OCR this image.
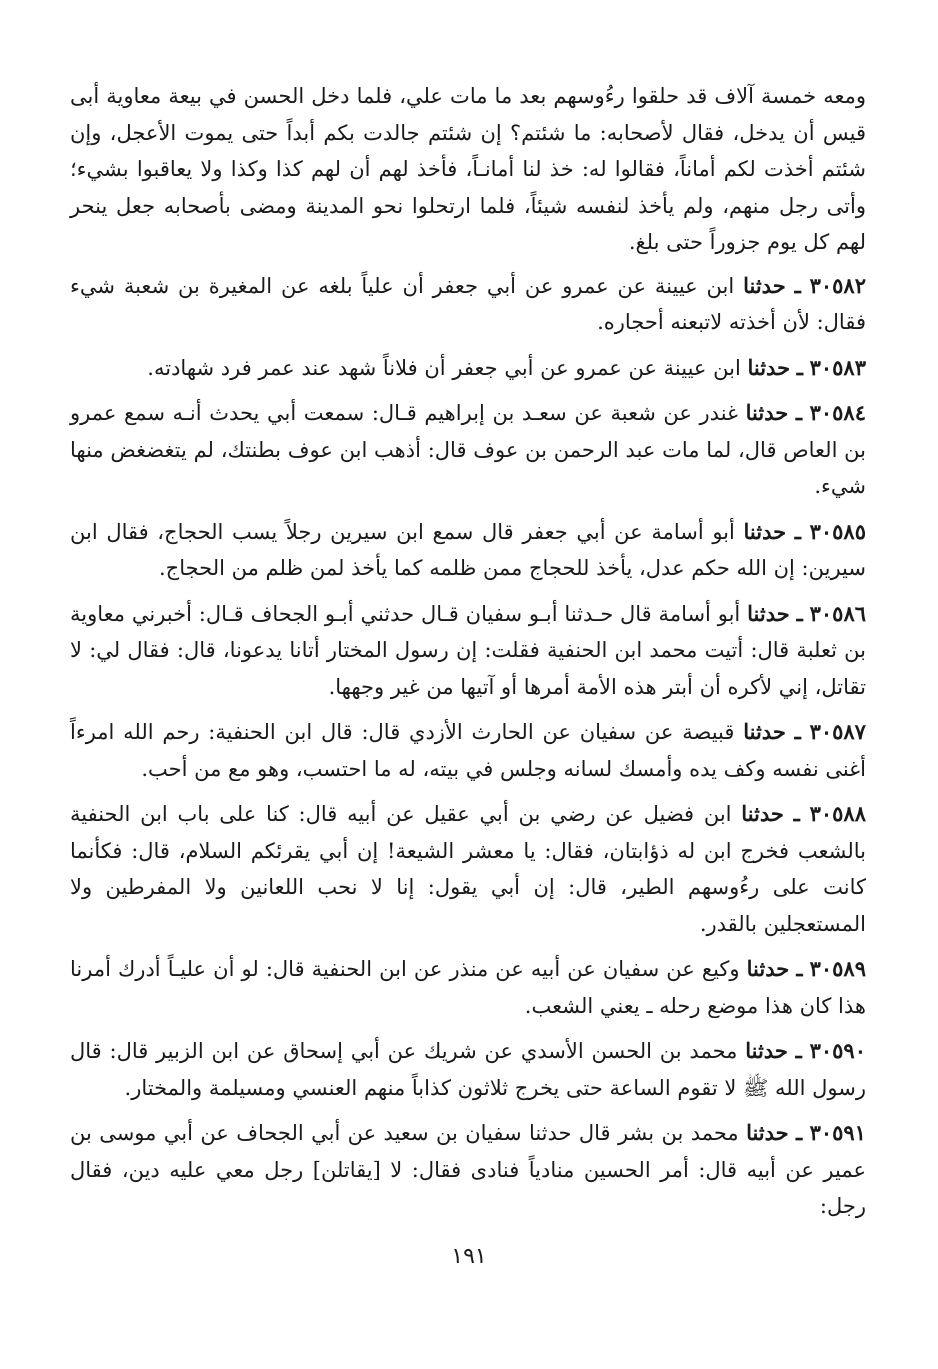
ومعه خمسة آلاف قد حلقوا رءُوسهم بعد ما مات علي، فلما دخل الحسن في بيعة معاوية أبى قيس أن يدخل، فقال لأصحابه: ما شئتم؟ إن شئتم جالدت بكم أبداً حتى يموت الأعجل، وإن شئتم أخذت لكم أماناً، فقالوا له: خذ لنا أمانـاً، فأخذ لهم أن لهم كذا وكذا ولا يعاقبوا بشيء؛ وأتى رجل منهم، ولم يأخذ لنفسه شيئاً، فلما ارتحلوا نحو المدينة ومضى بأصحابه جعل ينحر لهم كل يوم جزوراً حتى بلغ.

٣٠٥٨٢ ـ حدثنا ابن عيينة عن عمرو عن أبي جعفر أن علياً بلغه عن المغيرة بن شعبة شيء فقال: لأن أخذته لاتبعنه أحجاره.

٣٠٥٨٣ ـ حدثنا ابن عيينة عن عمرو عن أبي جعفر أن فلاناً شهد عند عمر فرد شهادته.

٣٠٥٨٤ ـ حدثنا غندر عن شعبة عن سعـد بن إبراهيم قـال: سمعت أبي يحدث أنـه سمع عمرو بن العاص قال، لما مات عبد الرحمن بن عوف قال: أذهب ابن عوف بطنتك، لم يتغضغض منها شيء.

٣٠٥٨٥ ـ حدثنا أبو أسامة عن أبي جعفر قال سمع ابن سيرين رجلاً يسب الحجاج، فقال ابن سيرين: إن الله حكم عدل، يأخذ للحجاج ممن ظلمه كما يأخذ لمن ظلم من الحجاج.

٣٠٥٨٦ ـ حدثنا أبو أسامة قال حـدثنا أبـو سفيان قـال حدثني أبـو الجحاف قـال: أخبرني معاوية بن ثعلبة قال: أتيت محمد ابن الحنفية فقلت: إن رسول المختار أتانا يدعونا، قال: فقال لي: لا تقاتل، إني لأكره أن أبتر هذه الأمة أمرها أو آتيها من غير وجهها.

٣٠٥٨٧ ـ حدثنا قبيصة عن سفيان عن الحارث الأزدي قال: قال ابن الحنفية: رحم الله امرءاً أغنى نفسه وكف يده وأمسك لسانه وجلس في بيته، له ما احتسب، وهو مع من أحب.

٣٠٥٨٨ ـ حدثنا ابن فضيل عن رضي بن أبي عقيل عن أبيه قال: كنا على باب ابن الحنفية بالشعب فخرج ابن له ذؤابتان، فقال: يا معشر الشيعة! إن أبي يقرئكم السلام، قال: فكأنما كانت على رءُوسهم الطير، قال: إن أبي يقول: إنا لا نحب اللعانين ولا المفرطين ولا المستعجلين بالقدر.

٣٠٥٨٩ ـ حدثنا وكيع عن سفيان عن أبيه عن منذر عن ابن الحنفية قال: لو أن عليـاً أدرك أمرنا هذا كان هذا موضع رحله ـ يعني الشعب.

٣٠٥٩٠ ـ حدثنا محمد بن الحسن الأسدي عن شريك عن أبي إسحاق عن ابن الزبير قال: قال رسول الله ﷺ لا تقوم الساعة حتى يخرج ثلاثون كذاباً منهم العنسي ومسيلمة والمختار.

٣٠٥٩١ ـ حدثنا محمد بن بشر قال حدثنا سفيان بن سعيد عن أبي الجحاف عن أبي موسى بن عمير عن أبيه قال: أمر الحسين منادياً فنادى فقال: لا [يقاتلن] رجل معي عليه دين، فقال رجل:

١٩١
